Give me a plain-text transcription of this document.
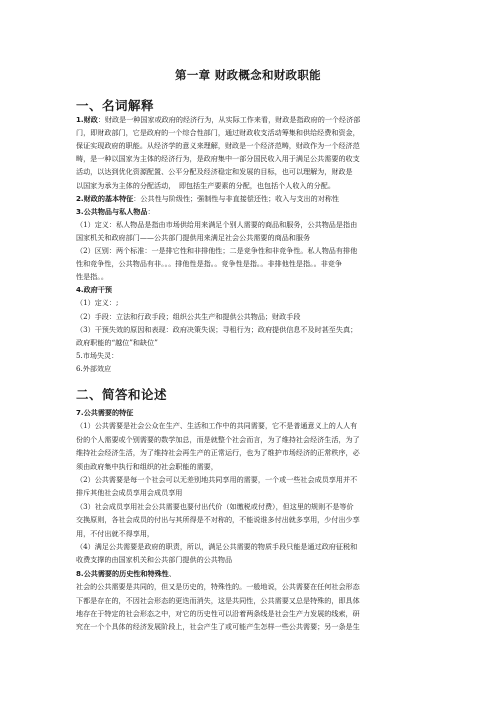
第一章 财政概念和财政职能
一、名词解释
1.财政：财政是一种国家或政府的经济行为，从实际工作来看，财政是指政府的一个经济部
门，即财政部门，它是政府的一个综合性部门，通过财政收支活动筹集和供给经费和资金，
保证实现政府的职能。从经济学的意义来理解，财政是一个经济范畴，财政作为一个经济范
畴，是一种以国家为主体的经济行为，是政府集中一部分国民收入用于满足公共需要的收支
活动，以达到优化资源配置、公平分配及经济稳定和发展的目标，也可以理解为，财政是
以国家为承为主体的分配活动，　即包括生产要素的分配，也包括个人收入的分配。
2.财政的基本特征：公共性与阶级性；强制性与非直接偿还性；收入与支出的对称性
3.公共物品与私人物品：
（1）定义：私人物品是指由市场供给用来满足个别人需要的商品和服务，公共物品是指由
国家机关和政府部门——公共部门提供用来满足社会公共需要的商品和服务
（2）区别：两个标准：一是排它性和非排他性；二是竞争性和非竞争性。私人物品有排他
性和竞争性，公共物品有非。。。排他性是指。。竞争性是指。。非排他性是指。。非竞争
性是指。。
4.政府干预
（1）定义：;
（2）手段：立法和行政手段；组织公共生产和提供公共物品；财政手段
（3）干预失效的原因和表现：政府决策失误；寻租行为；政府提供信息不及时甚至失真；
政府职能的“越位”和缺位”
5.市场失灵：
6.外部效应
二、简答和论述
7.公共需要的特征
（1）公共需要是社会公众在生产、生活和工作中的共同需要，它不是普通意义上的人人有
份的个人需要或个别需要的数学加总，而是就整个社会而言，为了维持社会经济生活，为了
维持社会经济生活，为了维持社会再生产的正常运行，也为了维护市场经济的正常秩序，必
须由政府集中执行和组织的社会职能的需要，
（2）公共需要是每一个社会可以无差别地共同享用的需要，一个或一些社会成员享用并不
排斥其他社会成员享用会成员享用
（3）社会成员享用社会公共需要也要付出代价（如缴税或付费），但这里的规则不是等价
交换原则，各社会成员的付出与其所得是不对称的，不能说谁多付出就多享用，少付出少享
用，不付出就不得享用，
（4）满足公共需要是政府的职责，所以，满足公共需要的物质手段只能是通过政府征税和
收费支撑的由国家机关和公共部门提供的公共物品
8.公共需要的历史性和特殊性、
社会的公共需要是共同的，但又是历史的，特殊性的。一般地说，公共需要在任何社会形态
下都是存在的，不因社会形态的更迭而消失，这是共同性，公共需要又总是特殊的，即具体
地存在于特定的社会形态之中，对它的历史性可以沿着两条线是社会生产力发展的线索，研
究在一个个具体的经济发展阶段上，社会产生了或可能产生怎样一些公共需要；另一条是生
